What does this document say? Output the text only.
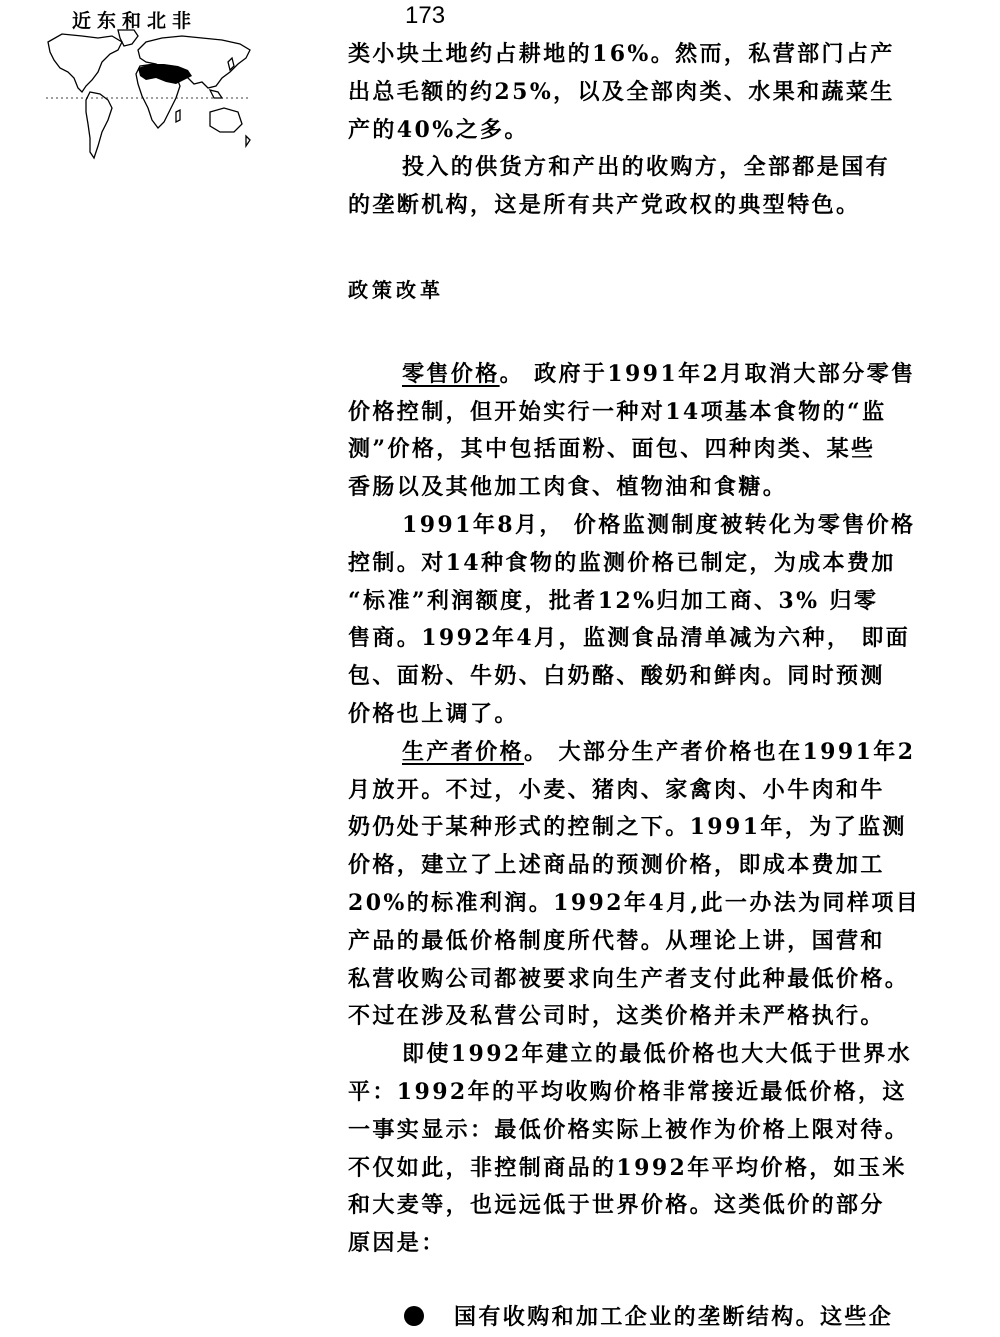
近东和北非	173
类小块土地约占耕地的16%。然而，私营部门占产
出总毛额的约25%，以及全部肉类、水果和蔬菜生
产的40%之多。
投入的供货方和产出的收购方，全部都是国有
的垄断机构，这是所有共产党政权的典型特色。
政策改革
零售价格。 政府于1991年2月取消大部分零售
价格控制，但开始实行一种对14项基本食物的“监
测”价格，其中包括面粉、面包、四种肉类、某些
香肠以及其他加工肉食、植物油和食糖。
1991年8月， 价格监测制度被转化为零售价格
控制。对14种食物的监测价格已制定，为成本费加
“标准”利润额度，批者12%归加工商、3% 归零
售商。1992年4月，监测食品清单减为六种， 即面
包、面粉、牛奶、白奶酪、酸奶和鲜肉。同时预测
价格也上调了。
生产者价格。 大部分生产者价格也在1991年2
月放开。不过，小麦、猪肉、家禽肉、小牛肉和牛
奶仍处于某种形式的控制之下。1991年，为了监测
价格，建立了上述商品的预测价格，即成本费加工
20%的标准利润。1992年4月,此一办法为同样项目
产品的最低价格制度所代替。从理论上讲，国营和
私营收购公司都被要求向生产者支付此种最低价格。
不过在涉及私营公司时，这类价格并未严格执行。
即使1992年建立的最低价格也大大低于世界水
平：1992年的平均收购价格非常接近最低价格，这
一事实显示：最低价格实际上被作为价格上限对待。
不仅如此，非控制商品的1992年平均价格，如玉米
和大麦等，也远远低于世界价格。这类低价的部分
原因是：
国有收购和加工企业的垄断结构。这些企
